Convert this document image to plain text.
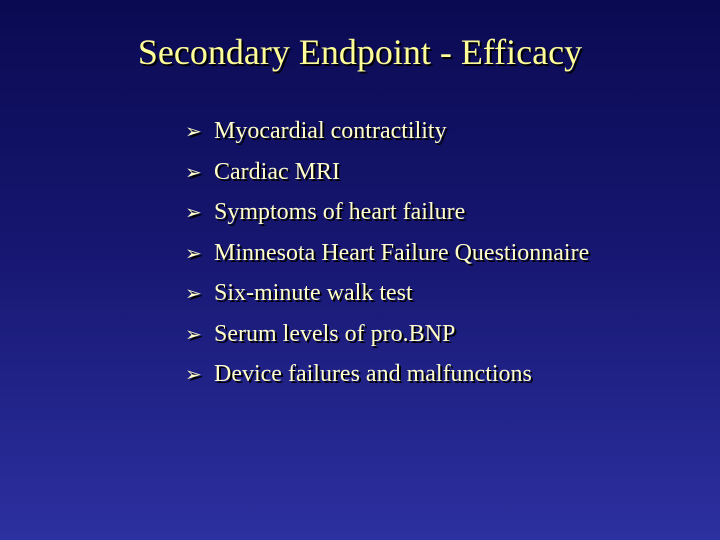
Secondary Endpoint - Efficacy
➢ Myocardial contractility
➢ Cardiac MRI
➢ Symptoms of heart failure
➢ Minnesota Heart Failure Questionnaire
➢ Six-minute walk test
➢ Serum levels of pro.BNP
➢ Device failures and malfunctions
